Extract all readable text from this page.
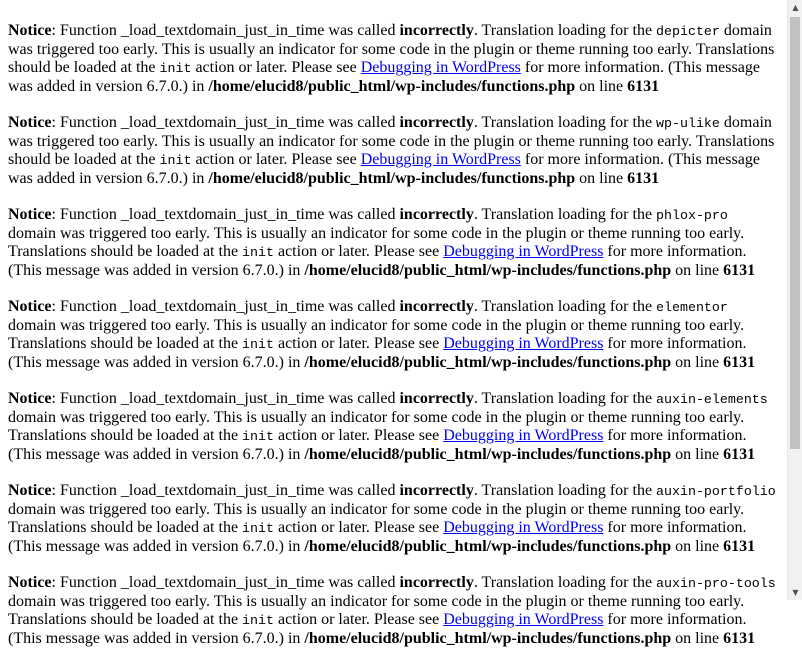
Notice: Function _load_textdomain_just_in_time was called incorrectly. Translation loading for the depicter domain was triggered too early. This is usually an indicator for some code in the plugin or theme running too early. Translations should be loaded at the init action or later. Please see Debugging in WordPress for more information. (This message was added in version 6.7.0.) in /home/elucid8/public_html/wp-includes/functions.php on line 6131

Notice: Function _load_textdomain_just_in_time was called incorrectly. Translation loading for the wp-ulike domain was triggered too early. This is usually an indicator for some code in the plugin or theme running too early. Translations should be loaded at the init action or later. Please see Debugging in WordPress for more information. (This message was added in version 6.7.0.) in /home/elucid8/public_html/wp-includes/functions.php on line 6131

Notice: Function _load_textdomain_just_in_time was called incorrectly. Translation loading for the phlox-pro domain was triggered too early. This is usually an indicator for some code in the plugin or theme running too early. Translations should be loaded at the init action or later. Please see Debugging in WordPress for more information. (This message was added in version 6.7.0.) in /home/elucid8/public_html/wp-includes/functions.php on line 6131

Notice: Function _load_textdomain_just_in_time was called incorrectly. Translation loading for the elementor domain was triggered too early. This is usually an indicator for some code in the plugin or theme running too early. Translations should be loaded at the init action or later. Please see Debugging in WordPress for more information. (This message was added in version 6.7.0.) in /home/elucid8/public_html/wp-includes/functions.php on line 6131

Notice: Function _load_textdomain_just_in_time was called incorrectly. Translation loading for the auxin-elements domain was triggered too early. This is usually an indicator for some code in the plugin or theme running too early. Translations should be loaded at the init action or later. Please see Debugging in WordPress for more information. (This message was added in version 6.7.0.) in /home/elucid8/public_html/wp-includes/functions.php on line 6131

Notice: Function _load_textdomain_just_in_time was called incorrectly. Translation loading for the auxin-portfolio domain was triggered too early. This is usually an indicator for some code in the plugin or theme running too early. Translations should be loaded at the init action or later. Please see Debugging in WordPress for more information. (This message was added in version 6.7.0.) in /home/elucid8/public_html/wp-includes/functions.php on line 6131

Notice: Function _load_textdomain_just_in_time was called incorrectly. Translation loading for the auxin-pro-tools domain was triggered too early. This is usually an indicator for some code in the plugin or theme running too early. Translations should be loaded at the init action or later. Please see Debugging in WordPress for more information. (This message was added in version 6.7.0.) in /home/elucid8/public_html/wp-includes/functions.php on line 6131

▲
▼
